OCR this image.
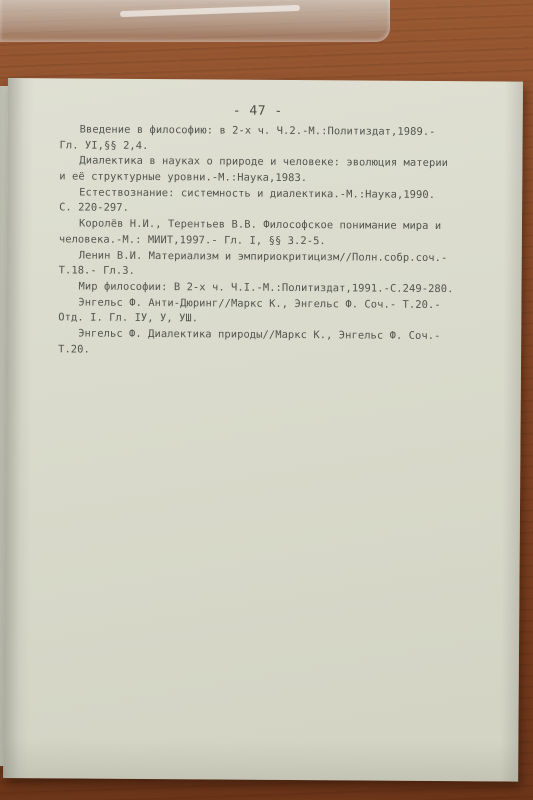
- 47 -
Введение в философию: в 2-х ч. Ч.2.-М.:Политиздат,1989.-
Гл. УI,§§ 2,4.
Диалектика в науках о природе и человеке: эволюция материи
и её структурные уровни.-М.:Наука,1983.
Естествознание: системность и диалектика.-М.:Наука,1990.
С. 220-297.
Королёв Н.И., Терентьев В.В. Философское понимание мира и
человека.-М.: МИИТ,1997.- Гл. I, §§ 3.2-5.
Ленин В.И. Материализм и эмпириокритицизм//Полн.собр.соч.-
Т.18.- Гл.3.
Мир философии: В 2-х ч. Ч.I.-М.:Политиздат,1991.-С.249-280.
Энгельс Ф. Анти-Дюринг//Маркс К., Энгельс Ф. Соч.- Т.20.-
Отд. I. Гл. IУ, У, УШ.
Энгельс Ф. Диалектика природы//Маркс К., Энгельс Ф. Соч.-
Т.20.
